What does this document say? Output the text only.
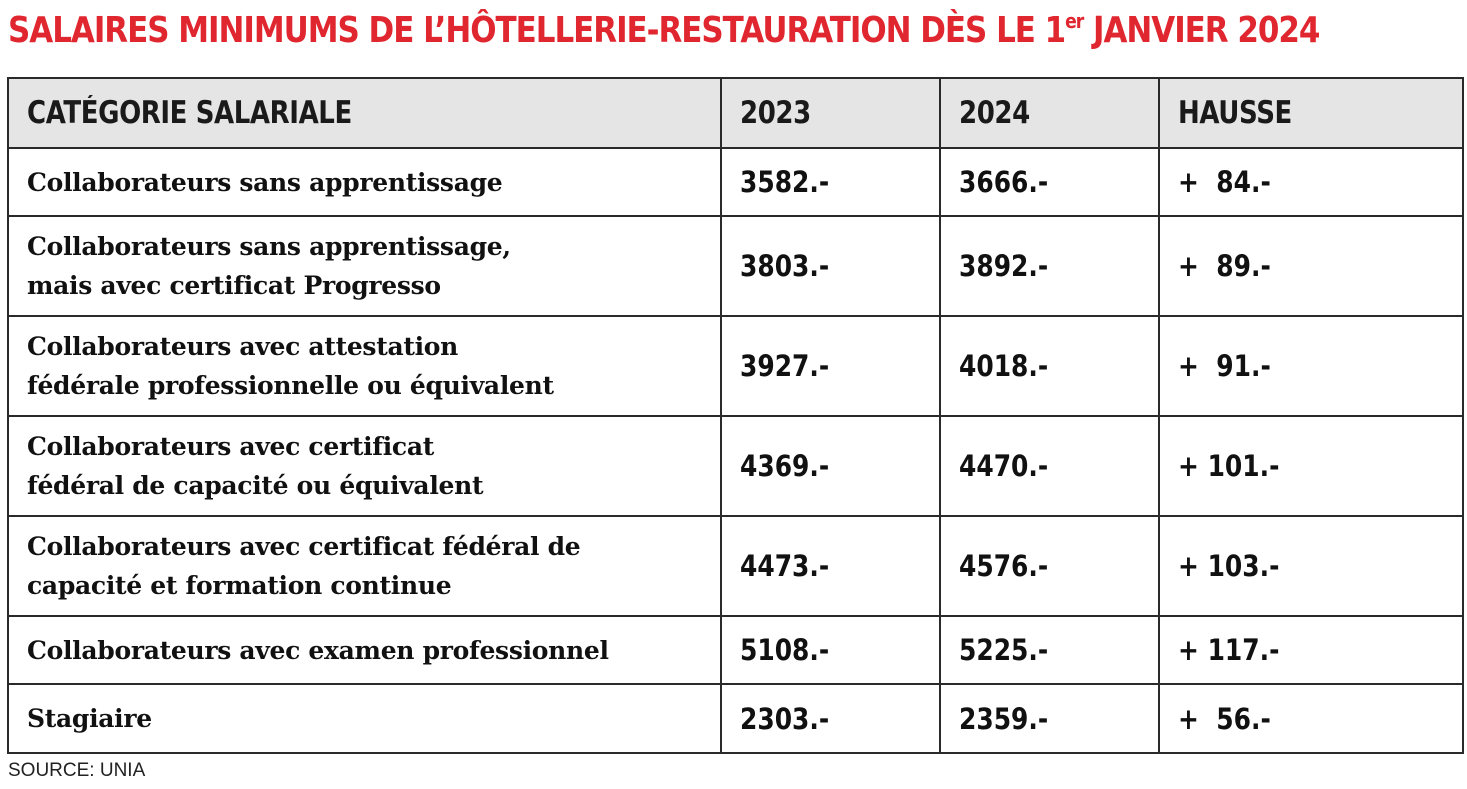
SALAIRES MINIMUMS DE L’HÔTELLERIE-RESTAURATION DÈS LE 1er JANVIER 2024
CATÉGORIE SALARIALE	2023	2024	HAUSSE
Collaborateurs sans apprentissage	3582.-	3666.-	+  84.-
Collaborateurs sans apprentissage,
mais avec certificat Progresso	3803.-	3892.-	+  89.-
Collaborateurs avec attestation
fédérale professionnelle ou équivalent	3927.-	4018.-	+  91.-
Collaborateurs avec certificat
fédéral de capacité ou équivalent	4369.-	4470.-	+ 101.-
Collaborateurs avec certificat fédéral de
capacité et formation continue	4473.-	4576.-	+ 103.-
Collaborateurs avec examen professionnel	5108.-	5225.-	+ 117.-
Stagiaire	2303.-	2359.-	+  56.-
SOURCE: UNIA
